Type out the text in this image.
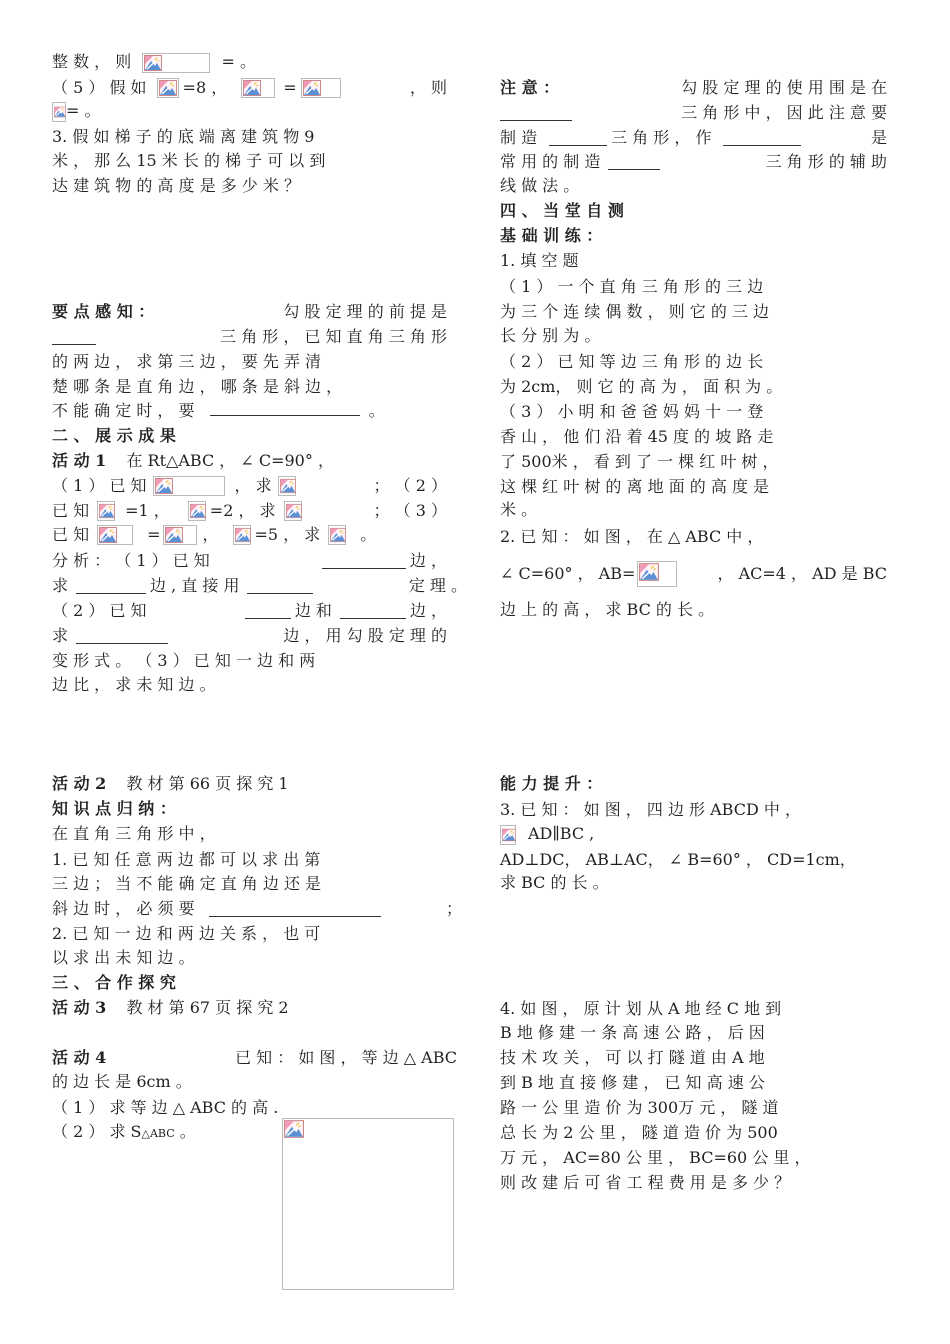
整 数 ， 则	= 。
（ 5 ） 假 如 =8 ，	=	， 则
= 。
3. 假 如 梯 子 的 底 端 离 建 筑 物 9
米 ， 那 么 15 米 长 的 梯 子 可 以 到
达 建 筑 物 的 高 度 是 多 少 米 ？
要 点 感 知 ：	勾 股 定 理 的 前 提 是
三 角 形 ， 已 知 直 角 三 角 形
的 两 边 ， 求 第 三 边 ， 要 先 弄 清
楚 哪 条 是 直 角 边 ， 哪 条 是 斜 边 ，
不 能 确 定 时 ， 要	。
二 、 展 示 成 果
活 动 1 在 Rt△ABC ， ∠ C=90° ，
（ 1 ） 已 知	， 求	； （ 2 ）
已 知 =1 ，	=2 ， 求	； （ 3 ）
已 知	=	， =5 ， 求	。
分 析 ： （ 1 ） 已 知	边 ，
求	边 , 直 接 用	定 理 。
（ 2 ） 已 知	边 和	边 ，
求	边 ， 用 勾 股 定 理 的
变 形 式 。 （ 3 ） 已 知 一 边 和 两
边 比 ， 求 未 知 边 。
活 动 2 教 材 第 66 页 探 究 1
知 识 点 归 纳 ：
在 直 角 三 角 形 中 ，
1. 已 知 任 意 两 边 都 可 以 求 出 第
三 边 ； 当 不 能 确 定 直 角 边 还 是
斜 边 时 ， 必 须 要	；
2. 已 知 一 边 和 两 边 关 系 ， 也 可
以 求 出 未 知 边 。
三 、 合 作 探 究
活 动 3 教 材 第 67 页 探 究 2
活 动 4	已 知 ： 如 图 ， 等 边 △ ABC
的 边 长 是 6cm 。
（ 1 ） 求 等 边 △ ABC 的 高 .
（ 2 ） 求 S△ABC 。
注 意 ：	勾 股 定 理 的 使 用 围 是 在
三 角 形 中 ， 因 此 注 意 要
制 造	三 角 形 ， 作	是
常 用 的 制 造	三 角 形 的 辅 助
线 做 法 。
四 、 当 堂 自 测
基 础 训 练 ：
1. 填 空 题
（ 1 ） 一 个 直 角 三 角 形 的 三 边
为 三 个 连 续 偶 数 ， 则 它 的 三 边
长 分 别 为 。
（ 2 ） 已 知 等 边 三 角 形 的 边 长
为 2cm， 则 它 的 高 为 ， 面 积 为 。
（ 3 ） 小 明 和 爸 爸 妈 妈 十 一 登
香 山 ， 他 们 沿 着 45 度 的 坡 路 走
了 500米 ， 看 到 了 一 棵 红 叶 树 ，
这 棵 红 叶 树 的 离 地 面 的 高 度 是
米 。
2. 已 知 ： 如 图 ， 在 △ ABC 中 ，
∠ C=60° ， AB=	， AC=4 ， AD 是 BC
边 上 的 高 ， 求 BC 的 长 。
能 力 提 升 ：
3. 已 知 ： 如 图 ， 四 边 形 ABCD 中 ，
AD∥BC ,
AD⊥DC， AB⊥AC， ∠ B=60° ， CD=1cm，
求 BC 的 长 。
4. 如 图 ， 原 计 划 从 A 地 经 C 地 到
B 地 修 建 一 条 高 速 公 路 ， 后 因
技 术 攻 关 ， 可 以 打 隧 道 由 A 地
到 B 地 直 接 修 建 ， 已 知 高 速 公
路 一 公 里 造 价 为 300万 元 ， 隧 道
总 长 为 2 公 里 ， 隧 道 造 价 为 500
万 元 ， AC=80 公 里 ， BC=60 公 里 ，
则 改 建 后 可 省 工 程 费 用 是 多 少 ？
